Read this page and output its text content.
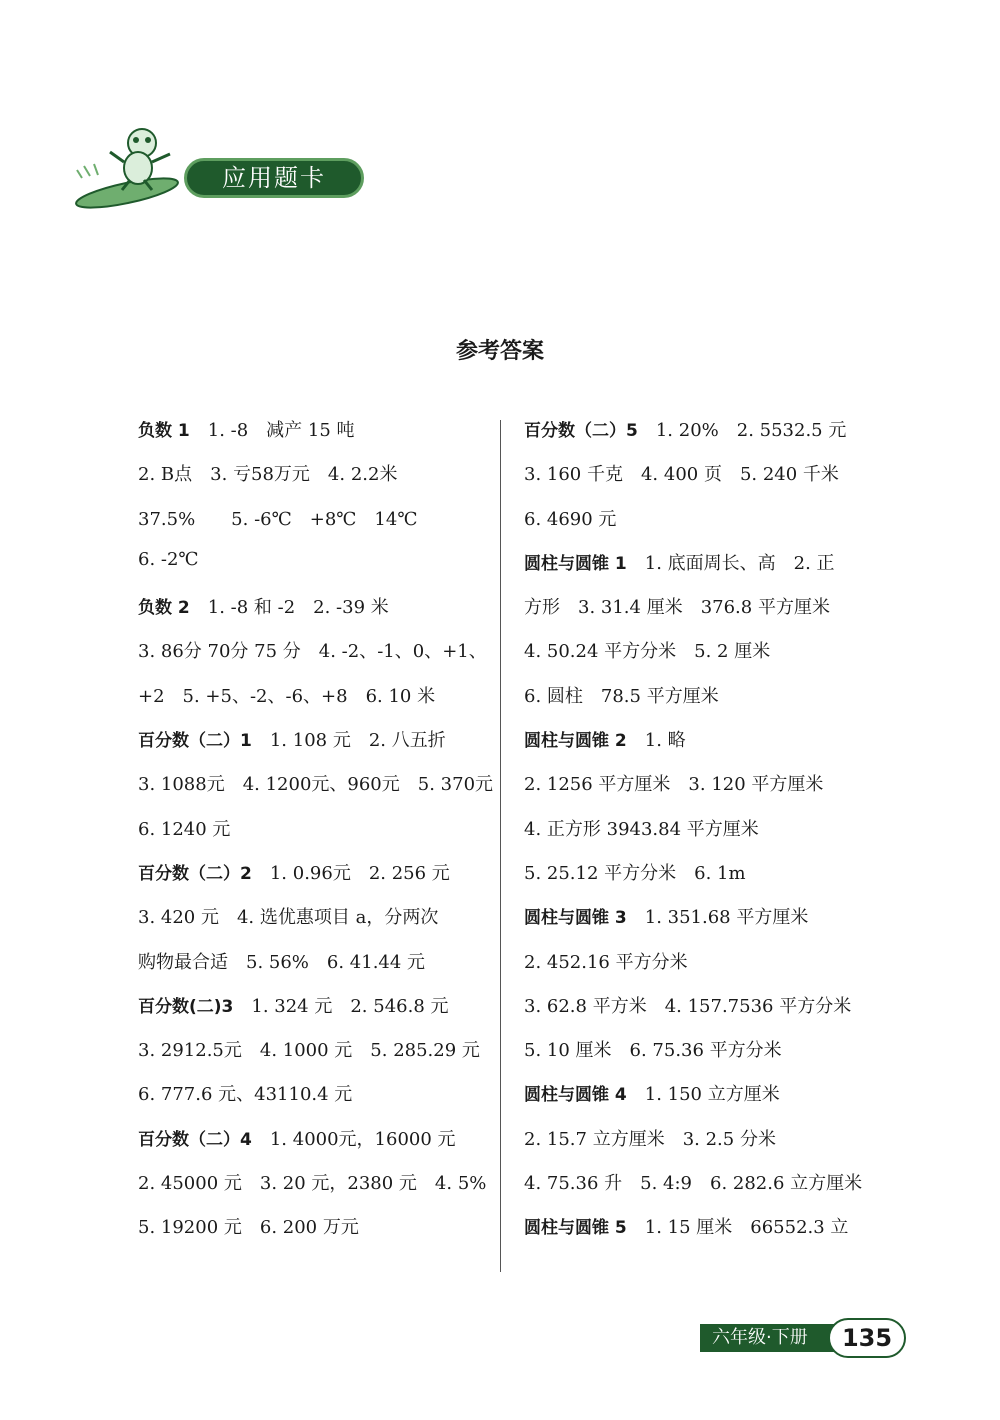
应用题卡
参考答案
负数 1　 1. -8　减产 15 吨
2. B点　3. 亏58万元　4. 2.2米
37.5%　　5. -6℃　+8℃　14℃
6. -2℃
负数 2　 1. -8 和 -2　2. -39 米
3. 86分 70分 75 分　4. -2、-1、0、+1、
+2　5. +5、-2、-6、+8　6. 10 米
百分数（二）1　 1. 108 元　2. 八五折
3. 1088元　4. 1200元、960元　5. 370元
6. 1240 元
百分数（二）2　 1. 0.96元　2. 256 元
3. 420 元　4. 选优惠项目 a，分两次
购物最合适　5. 56%　6. 41.44 元
百分数(二)3　 1. 324 元　2. 546.8 元
3. 2912.5元　4. 1000 元　5. 285.29 元
6. 777.6 元、43110.4 元
百分数（二）4　 1. 4000元，16000 元
2. 45000 元　3. 20 元，2380 元　4. 5%
5. 19200 元　6. 200 万元
百分数（二）5　 1. 20%　2. 5532.5 元
3. 160 千克　4. 400 页　5. 240 千米
6. 4690 元
圆柱与圆锥 1　 1. 底面周长、高　2. 正
方形　3. 31.4 厘米　376.8 平方厘米
4. 50.24 平方分米　5. 2 厘米
6. 圆柱　78.5 平方厘米
圆柱与圆锥 2　 1. 略
2. 1256 平方厘米　3. 120 平方厘米
4. 正方形 3943.84 平方厘米
5. 25.12 平方分米　6. 1m
圆柱与圆锥 3　 1. 351.68 平方厘米
2. 452.16 平方分米
3. 62.8 平方米　4. 157.7536 平方分米
5. 10 厘米　6. 75.36 平方分米
圆柱与圆锥 4　 1. 150 立方厘米
2. 15.7 立方厘米　3. 2.5 分米
4. 75.36 升　5. 4:9　6. 282.6 立方厘米
圆柱与圆锥 5　 1. 15 厘米　66552.3 立
六年级·下册	135
